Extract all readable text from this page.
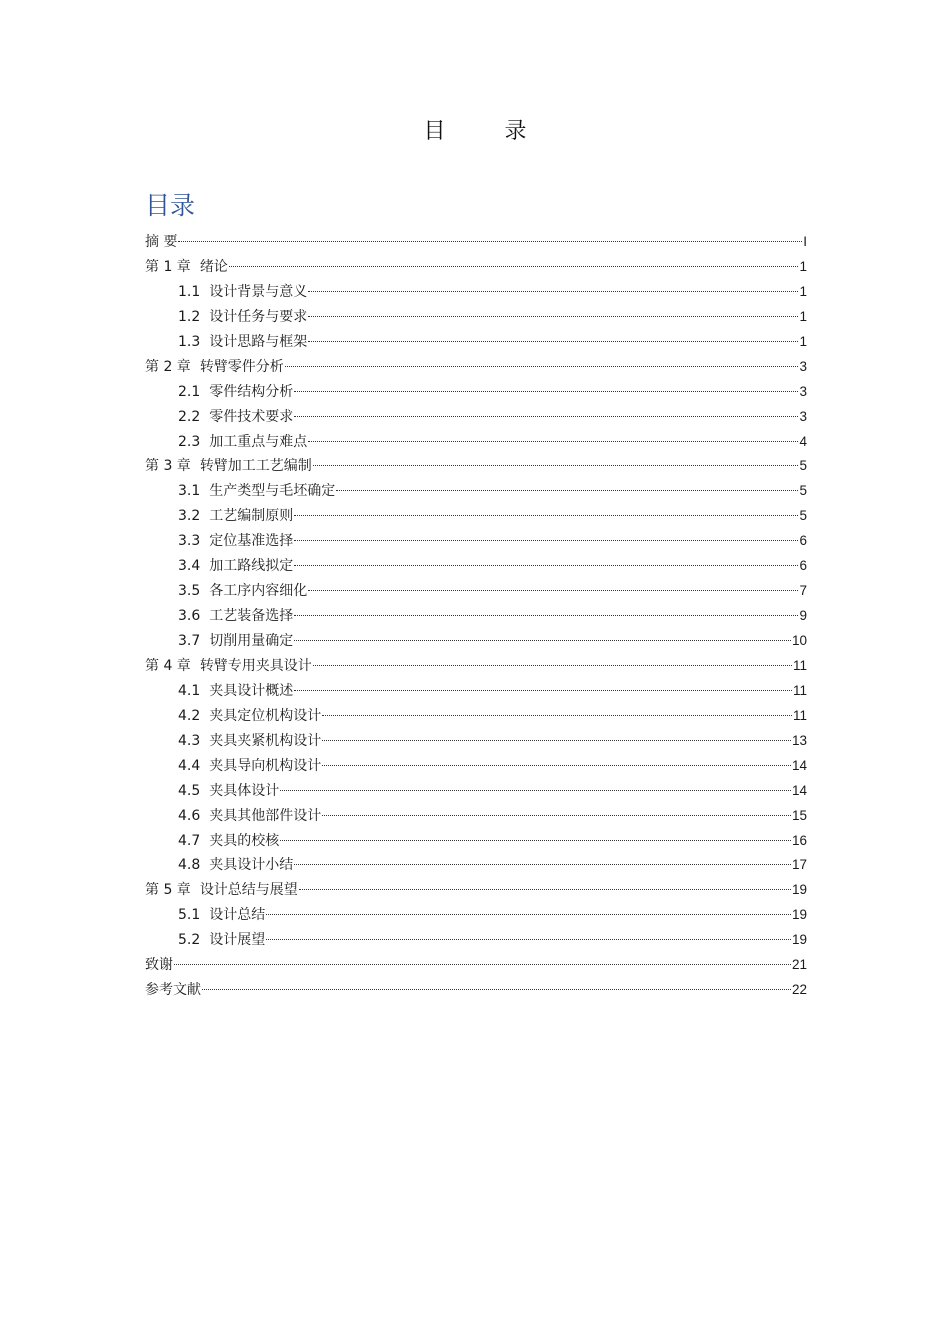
目 录
目录
摘 要	I
第 1 章 绪论	1
1.1 设计背景与意义	1
1.2 设计任务与要求	1
1.3 设计思路与框架	1
第 2 章 转臂零件分析	3
2.1 零件结构分析	3
2.2 零件技术要求	3
2.3 加工重点与难点	4
第 3 章 转臂加工工艺编制	5
3.1 生产类型与毛坯确定	5
3.2 工艺编制原则	5
3.3 定位基准选择	6
3.4 加工路线拟定	6
3.5 各工序内容细化	7
3.6 工艺装备选择	9
3.7 切削用量确定	10
第 4 章 转臂专用夹具设计	11
4.1 夹具设计概述	11
4.2 夹具定位机构设计	11
4.3 夹具夹紧机构设计	13
4.4 夹具导向机构设计	14
4.5 夹具体设计	14
4.6 夹具其他部件设计	15
4.7 夹具的校核	16
4.8 夹具设计小结	17
第 5 章 设计总结与展望	19
5.1 设计总结	19
5.2 设计展望	19
致谢	21
参考文献	22
